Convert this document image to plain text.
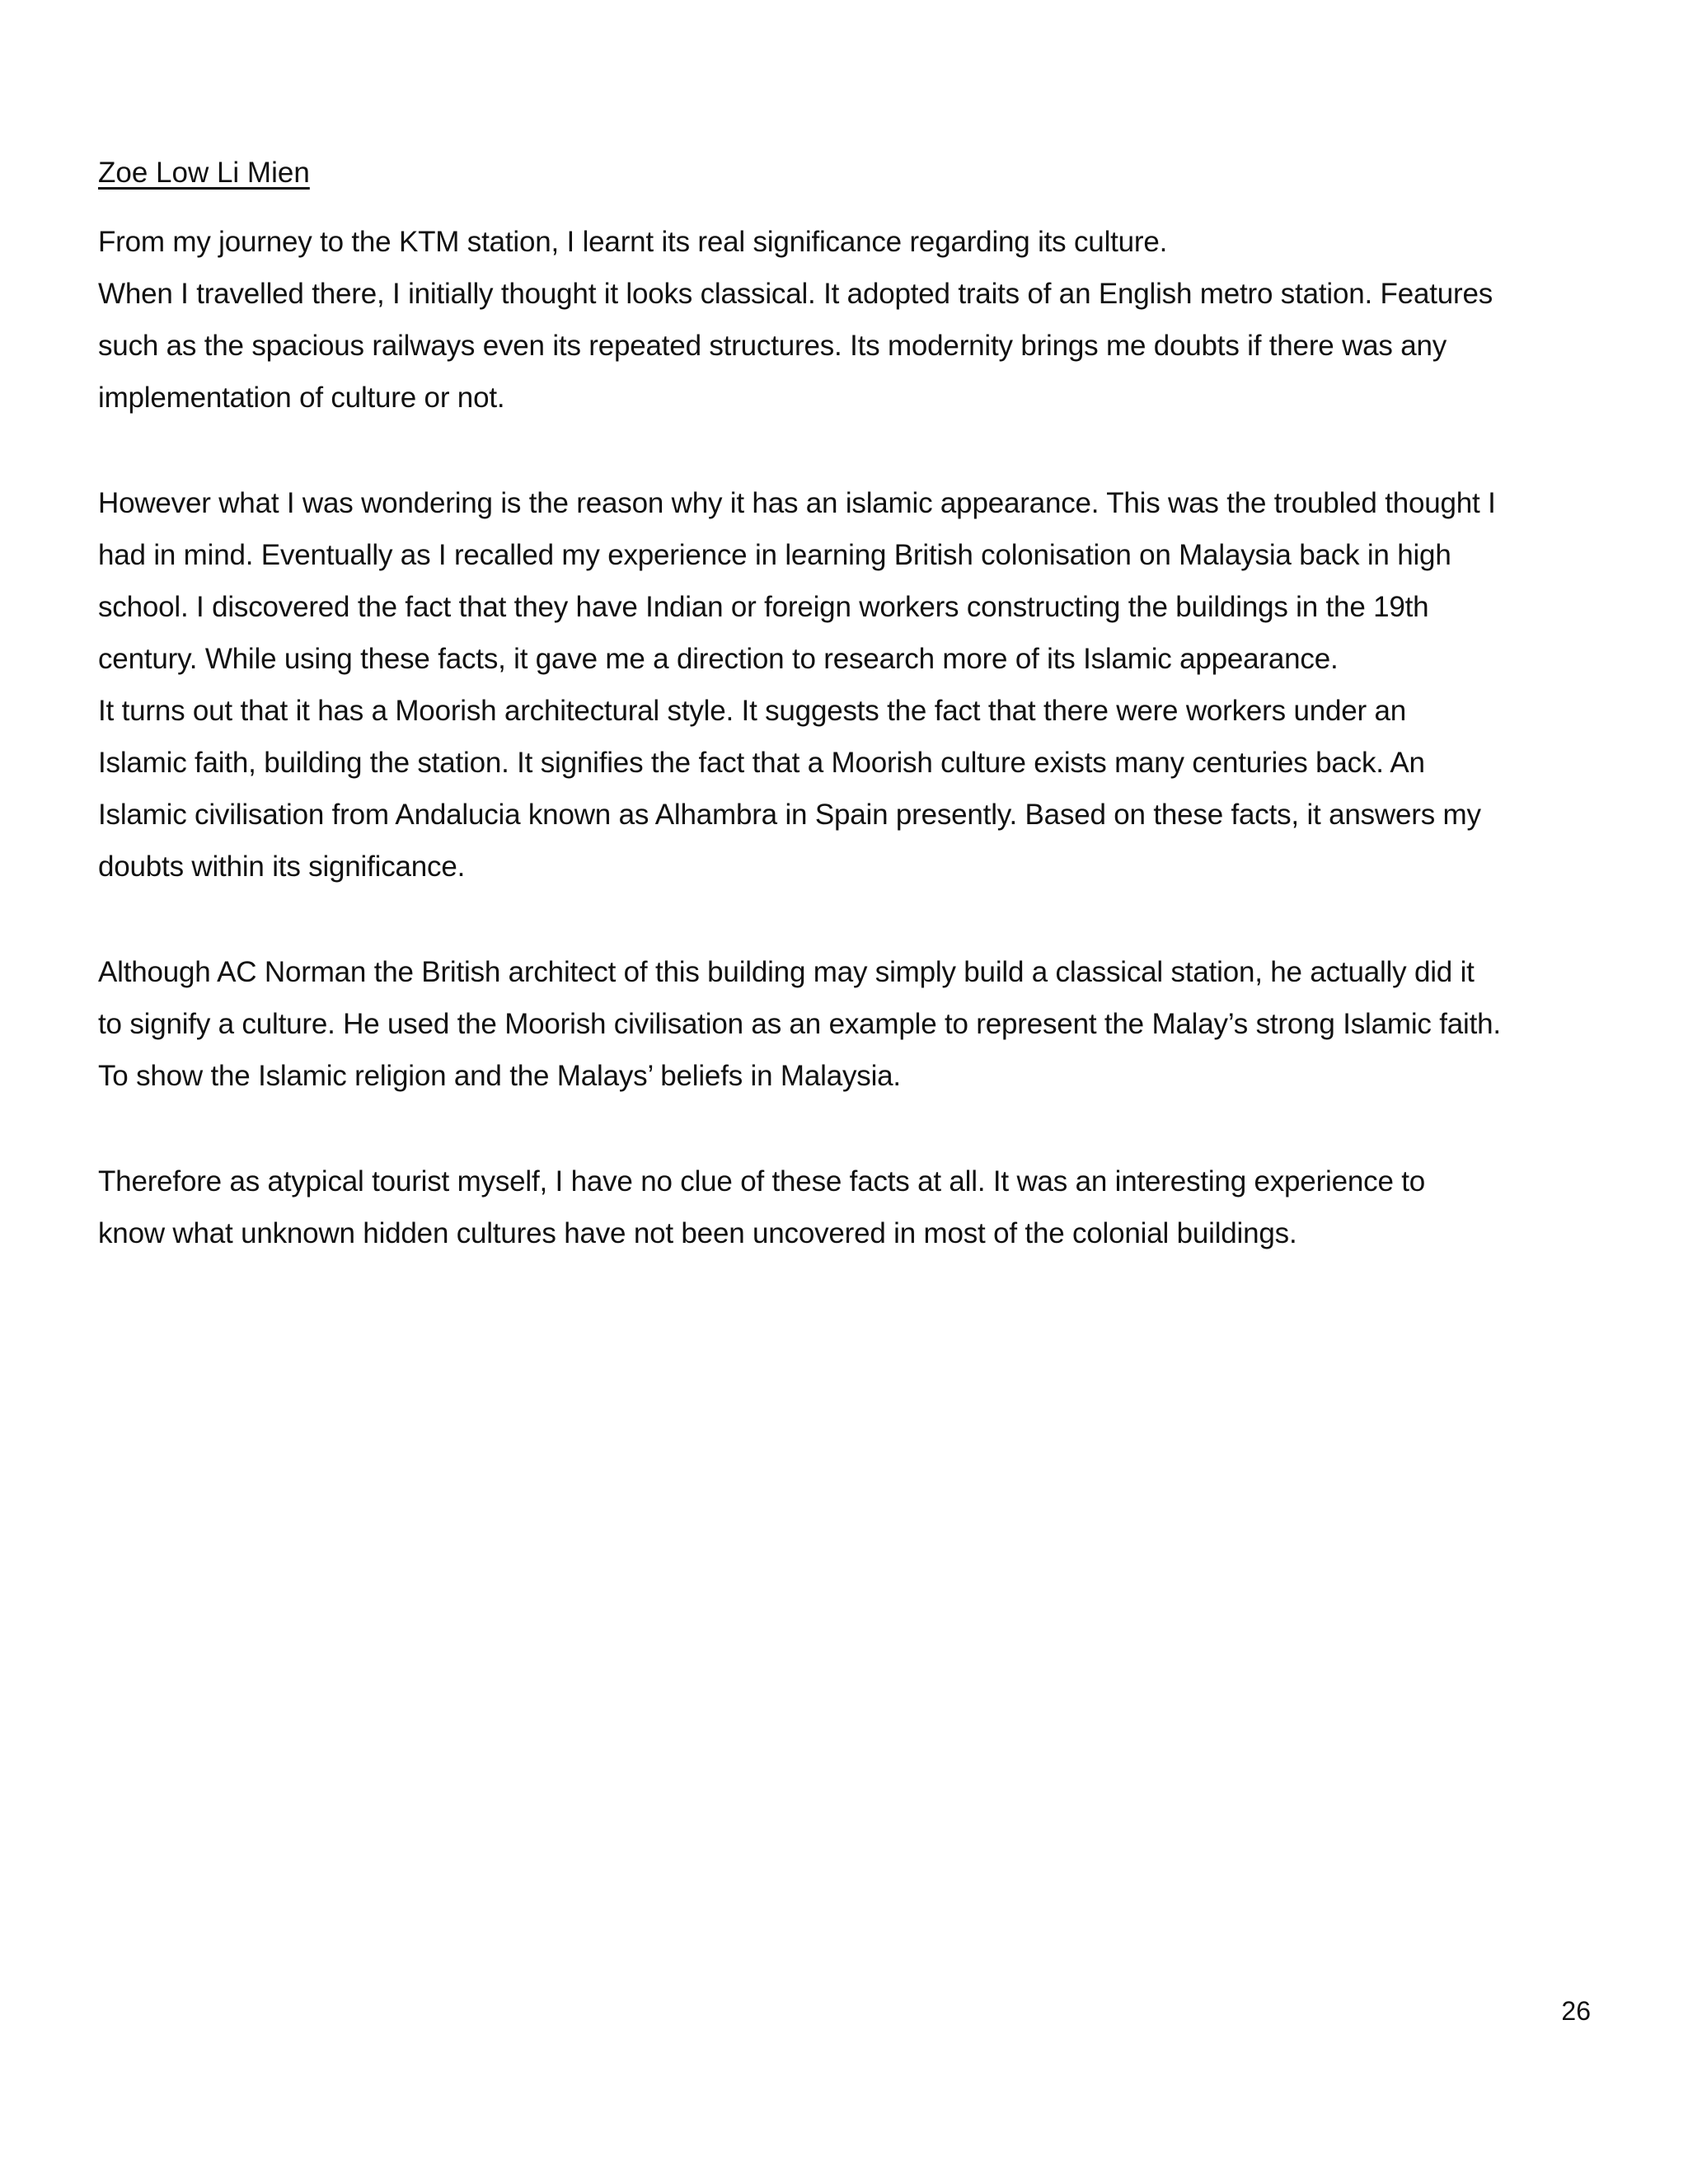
Zoe Low Li Mien
From my journey to the KTM station, I learnt its real significance regarding its culture.
When I travelled there, I initially thought it looks classical. It adopted traits of an English metro station. Features
such as the spacious railways even its repeated structures. Its modernity brings me doubts if there was any
implementation of culture or not.
However what I was wondering is the reason why it has an islamic appearance. This was the troubled thought I
had in mind. Eventually as I recalled my experience in learning British colonisation on Malaysia back in high
school. I discovered the fact that they have Indian or foreign workers constructing the buildings in the 19th
century. While using these facts, it gave me a direction to research more of its Islamic appearance.
It turns out that it has a Moorish architectural style. It suggests the fact that there were workers under an
Islamic faith, building the station. It signifies the fact that a Moorish culture exists many centuries back. An
Islamic civilisation from Andalucia known as Alhambra in Spain presently. Based on these facts, it answers my
doubts within its significance.
Although AC Norman the British architect of this building may simply build a classical station, he actually did it
to signify a culture. He used the Moorish civilisation as an example to represent the Malay’s strong Islamic faith.
To show the Islamic religion and the Malays’ beliefs in Malaysia.
Therefore as atypical tourist myself, I have no clue of these facts at all. It was an interesting experience to
know what unknown hidden cultures have not been uncovered in most of the colonial buildings.
26
